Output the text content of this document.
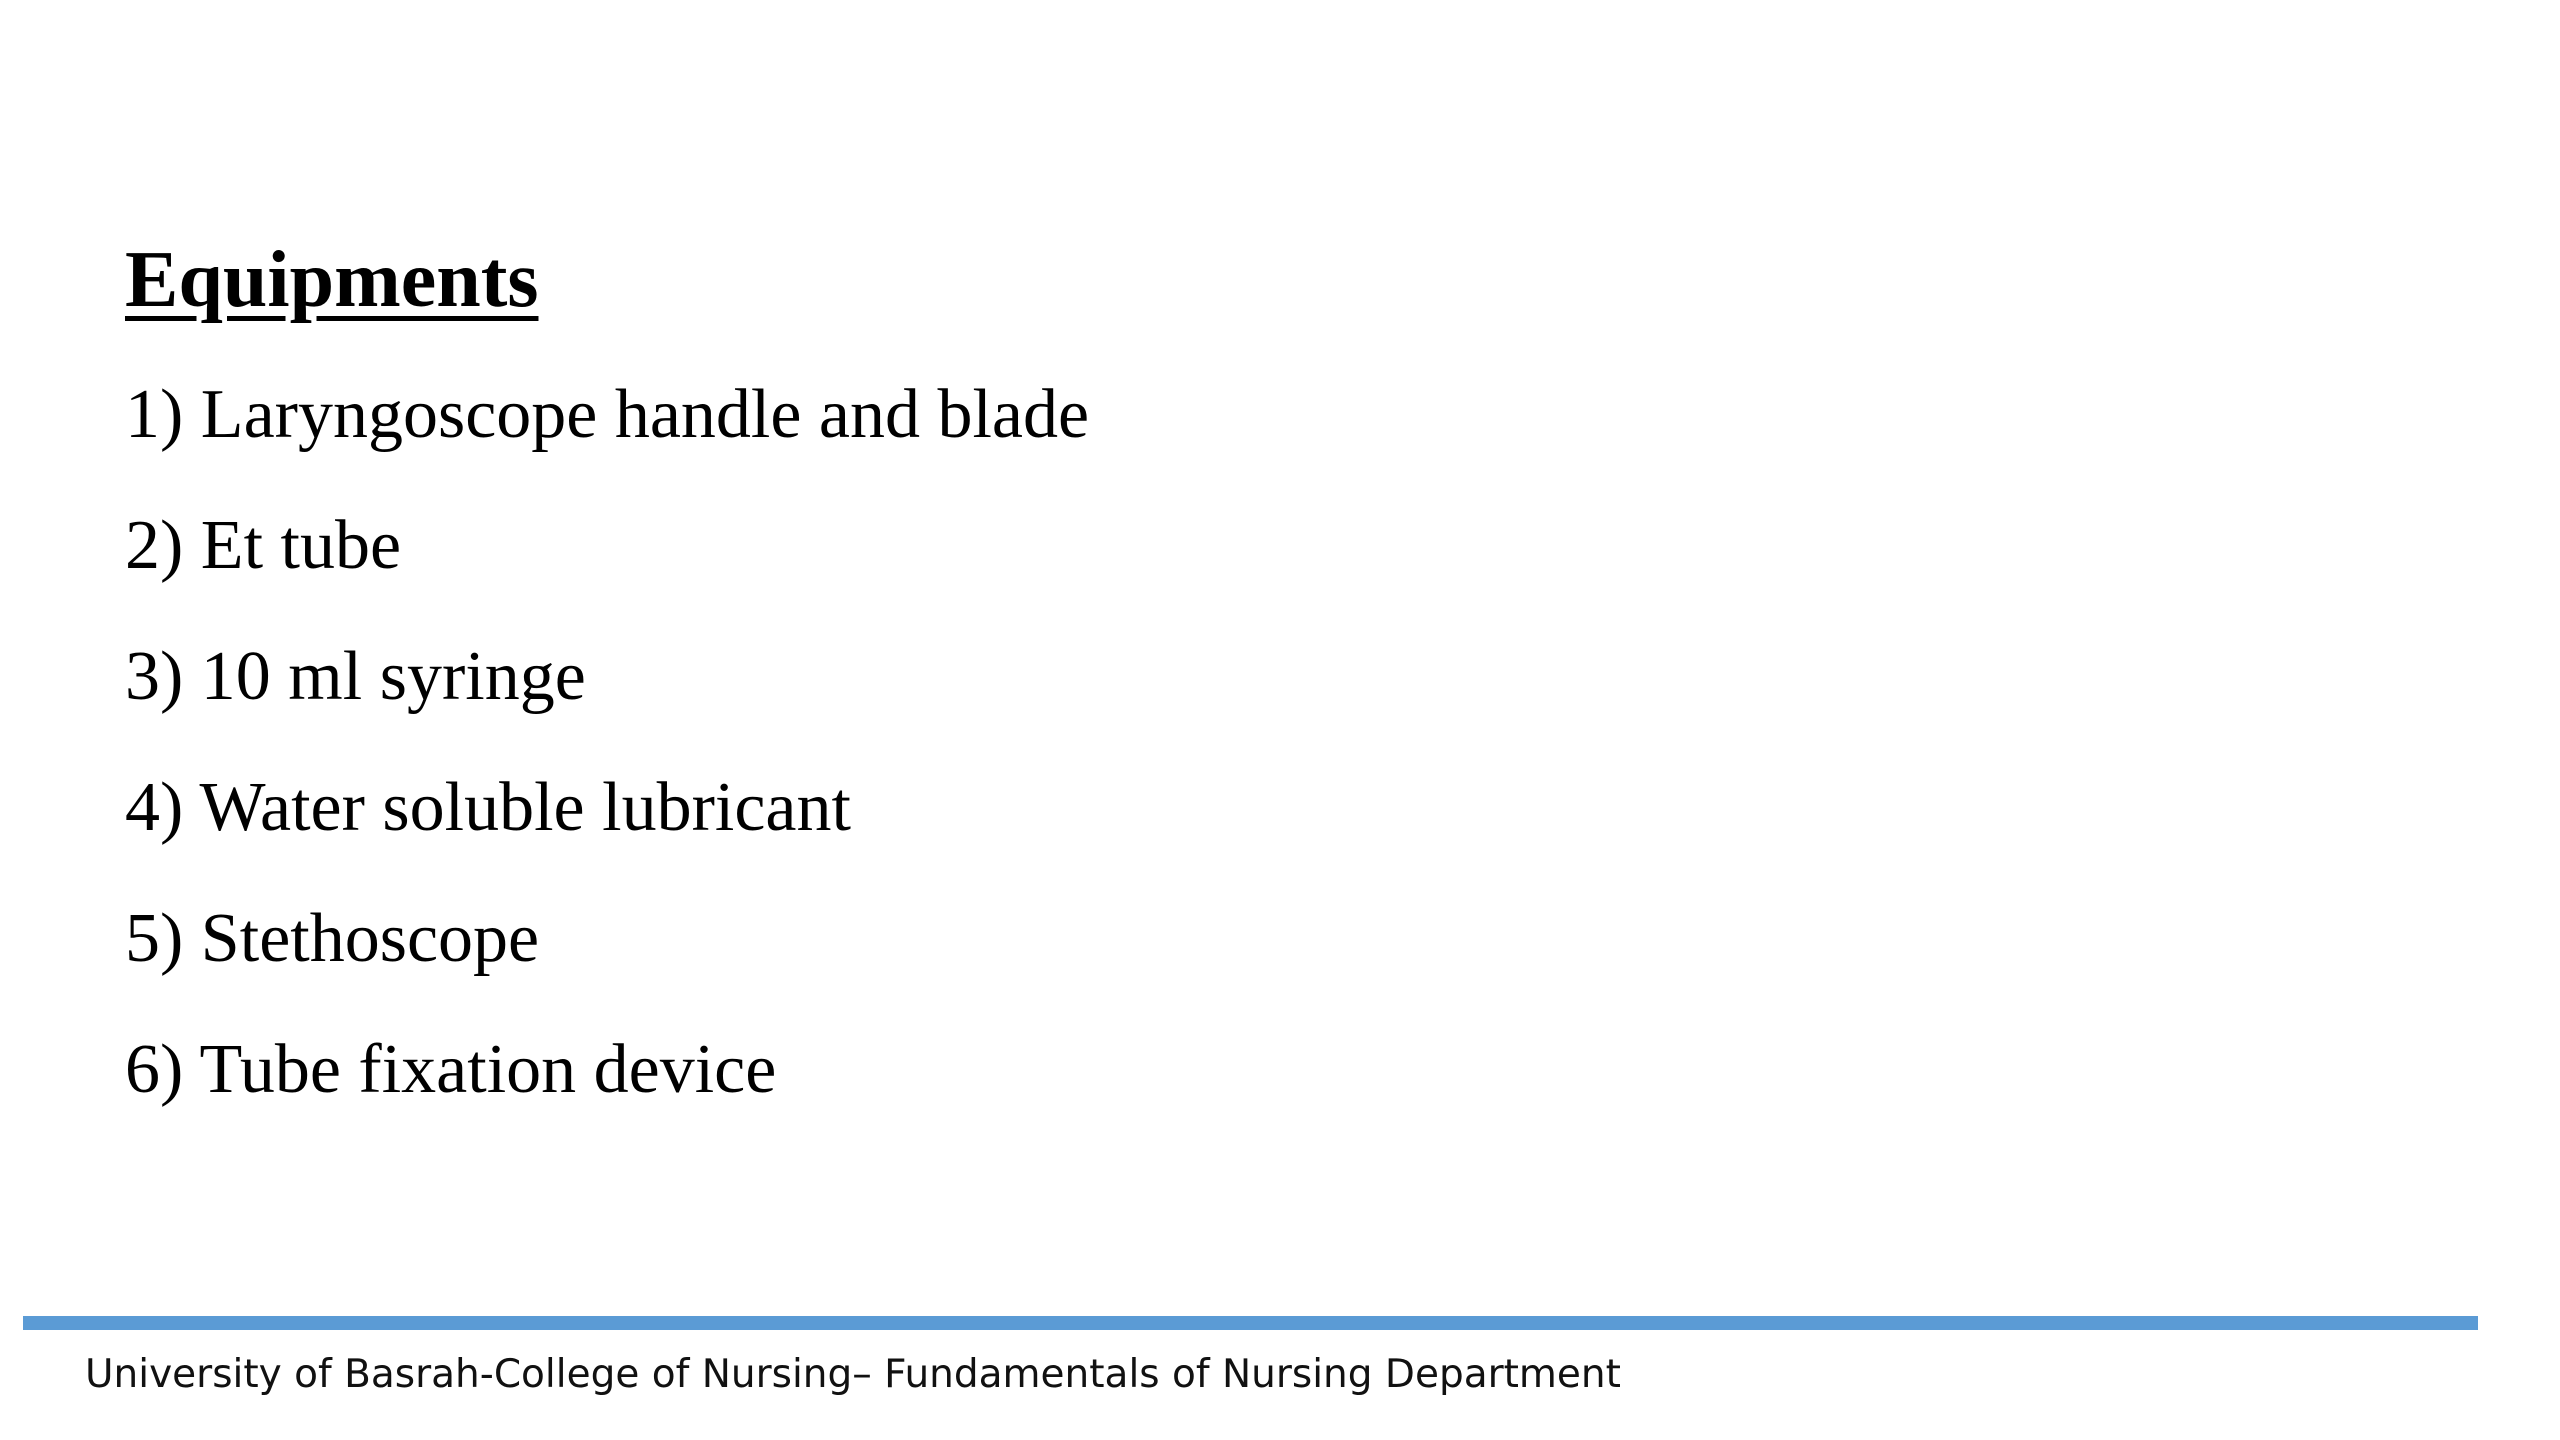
Equipments
1) Laryngoscope handle and blade
2) Et tube
3) 10 ml syringe
4) Water soluble lubricant
5) Stethoscope
6) Tube fixation device
University of Basrah-College of Nursing– Fundamentals of Nursing Department
